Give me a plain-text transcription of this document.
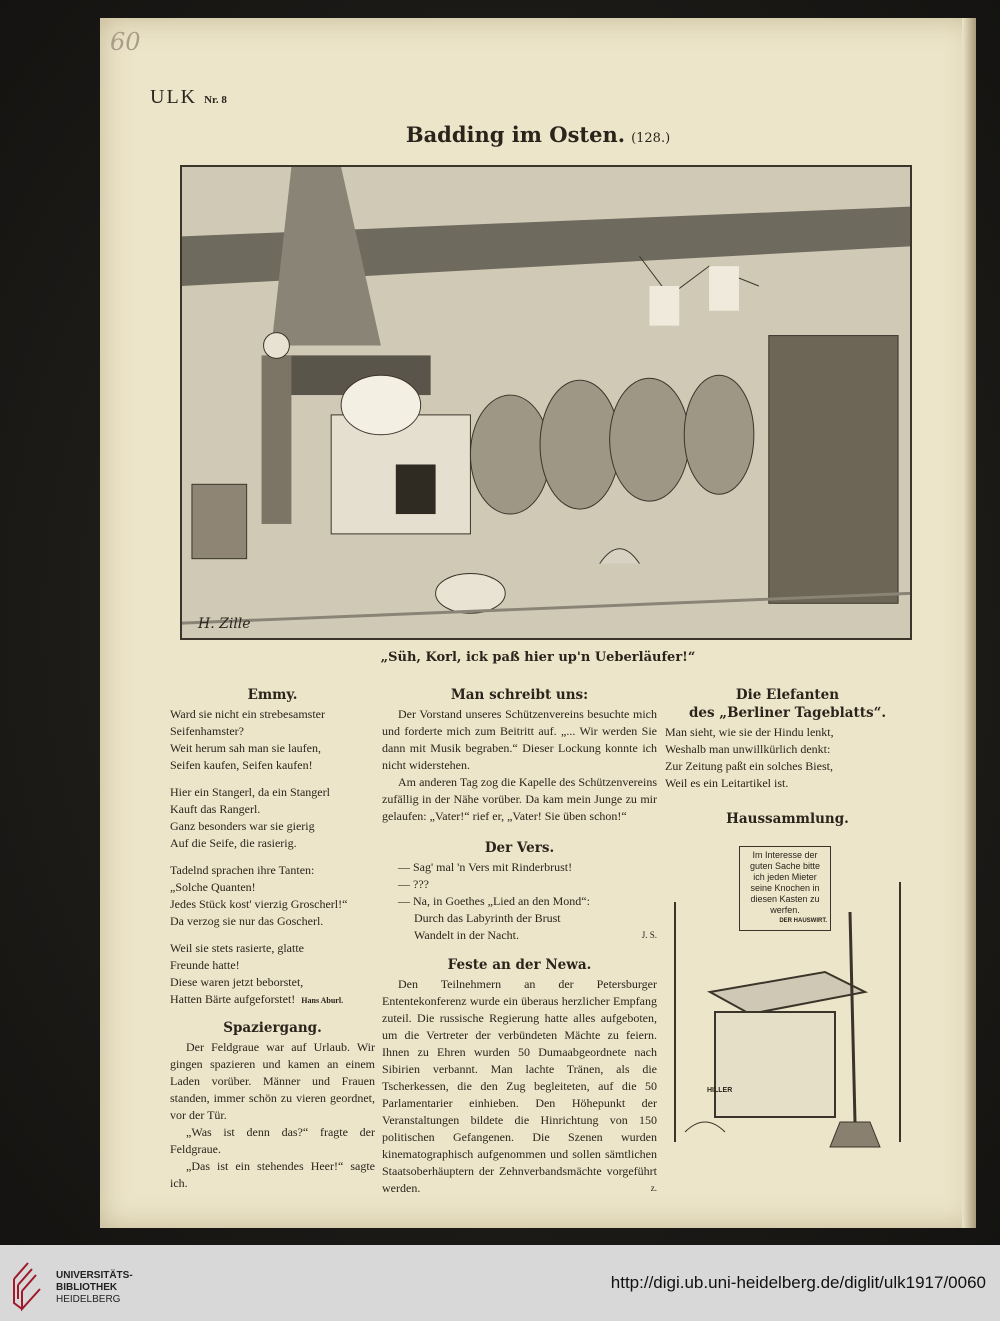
60
ULK Nr. 8
Badding im Osten. (128.)
H. Zille
„Süh, Korl, ick paß hier up'n Ueberläufer!“
Emmy.
Ward sie nicht ein strebesamster
Seifenhamster?
Weit herum sah man sie laufen,
Seifen kaufen, Seifen kaufen!
Hier ein Stangerl, da ein Stangerl
Kauft das Rangerl.
Ganz besonders war sie gierig
Auf die Seife, die rasierig.
Tadelnd sprachen ihre Tanten:
„Solche Quanten!
Jedes Stück kost' vierzig Groscherl!“
Da verzog sie nur das Goscherl.
Weil sie stets rasierte, glatte
Freunde hatte!
Diese waren jetzt beborstet,
Hatten Bärte aufgeforstet! Hans Aburl.
Spaziergang.

Der Feldgraue war auf Urlaub. Wir gingen spazieren und kamen an einem Laden vorüber. Männer und Frauen standen, immer schön zu vieren geordnet, vor der Tür.

„Was ist denn das?“ fragte der Feldgraue.

„Das ist ein stehendes Heer!“ sagte ich.

Man schreibt uns:

Der Vorstand unseres Schützenvereins besuchte mich und forderte mich zum Beitritt auf. „... Wir werden Sie dann mit Musik begraben.“ Dieser Lockung konnte ich nicht widerstehen.

Am anderen Tag zog die Kapelle des Schützenvereins zufällig in der Nähe vorüber. Da kam mein Junge zu mir gelaufen: „Vater!“ rief er, „Vater! Sie üben schon!“

Der Vers.
— Sag' mal 'n Vers mit Rinderbrust!
— ???
— Na, in Goethes „Lied an den Mond“:
Durch das Labyrinth der Brust
Wandelt in der Nacht.	J. S.
Feste an der Newa.

Den Teilnehmern an der Petersburger Ententekonferenz wurde ein überaus herzlicher Empfang zuteil. Die russische Regierung hatte alles aufgeboten, um die Vertreter der verbündeten Mächte zu feiern. Ihnen zu Ehren wurden 50 Dumaabgeordnete nach Sibirien verbannt. Man lachte Tränen, als die Tscherkessen, die den Zug begleiteten, auf die 50 Parlamentarier einhieben. Den Höhepunkt der Veranstaltungen bildete die Hinrichtung von 150 politischen Gefangenen. Die Szenen wurden kinematographisch aufgenommen und sollen sämtlichen Staatsoberhäuptern der Zehnverbandsmächte vorgeführt werden.	z.

Die Elefanten
des „Berliner Tageblatts“.
Man sieht, wie sie der Hindu lenkt,
Weshalb man unwillkürlich denkt:
Zur Zeitung paßt ein solches Biest,
Weil es ein Leitartikel ist.
Haussammlung.
Im Interesse der guten Sache bitte ich jeden Mieter seine Knochen in diesen Kasten zu werfen.
DER HAUSWIRT.
HILLER
UNIVERSITÄTS-
BIBLIOTHEK
HEIDELBERG
http://digi.ub.uni-heidelberg.de/diglit/ulk1917/0060
